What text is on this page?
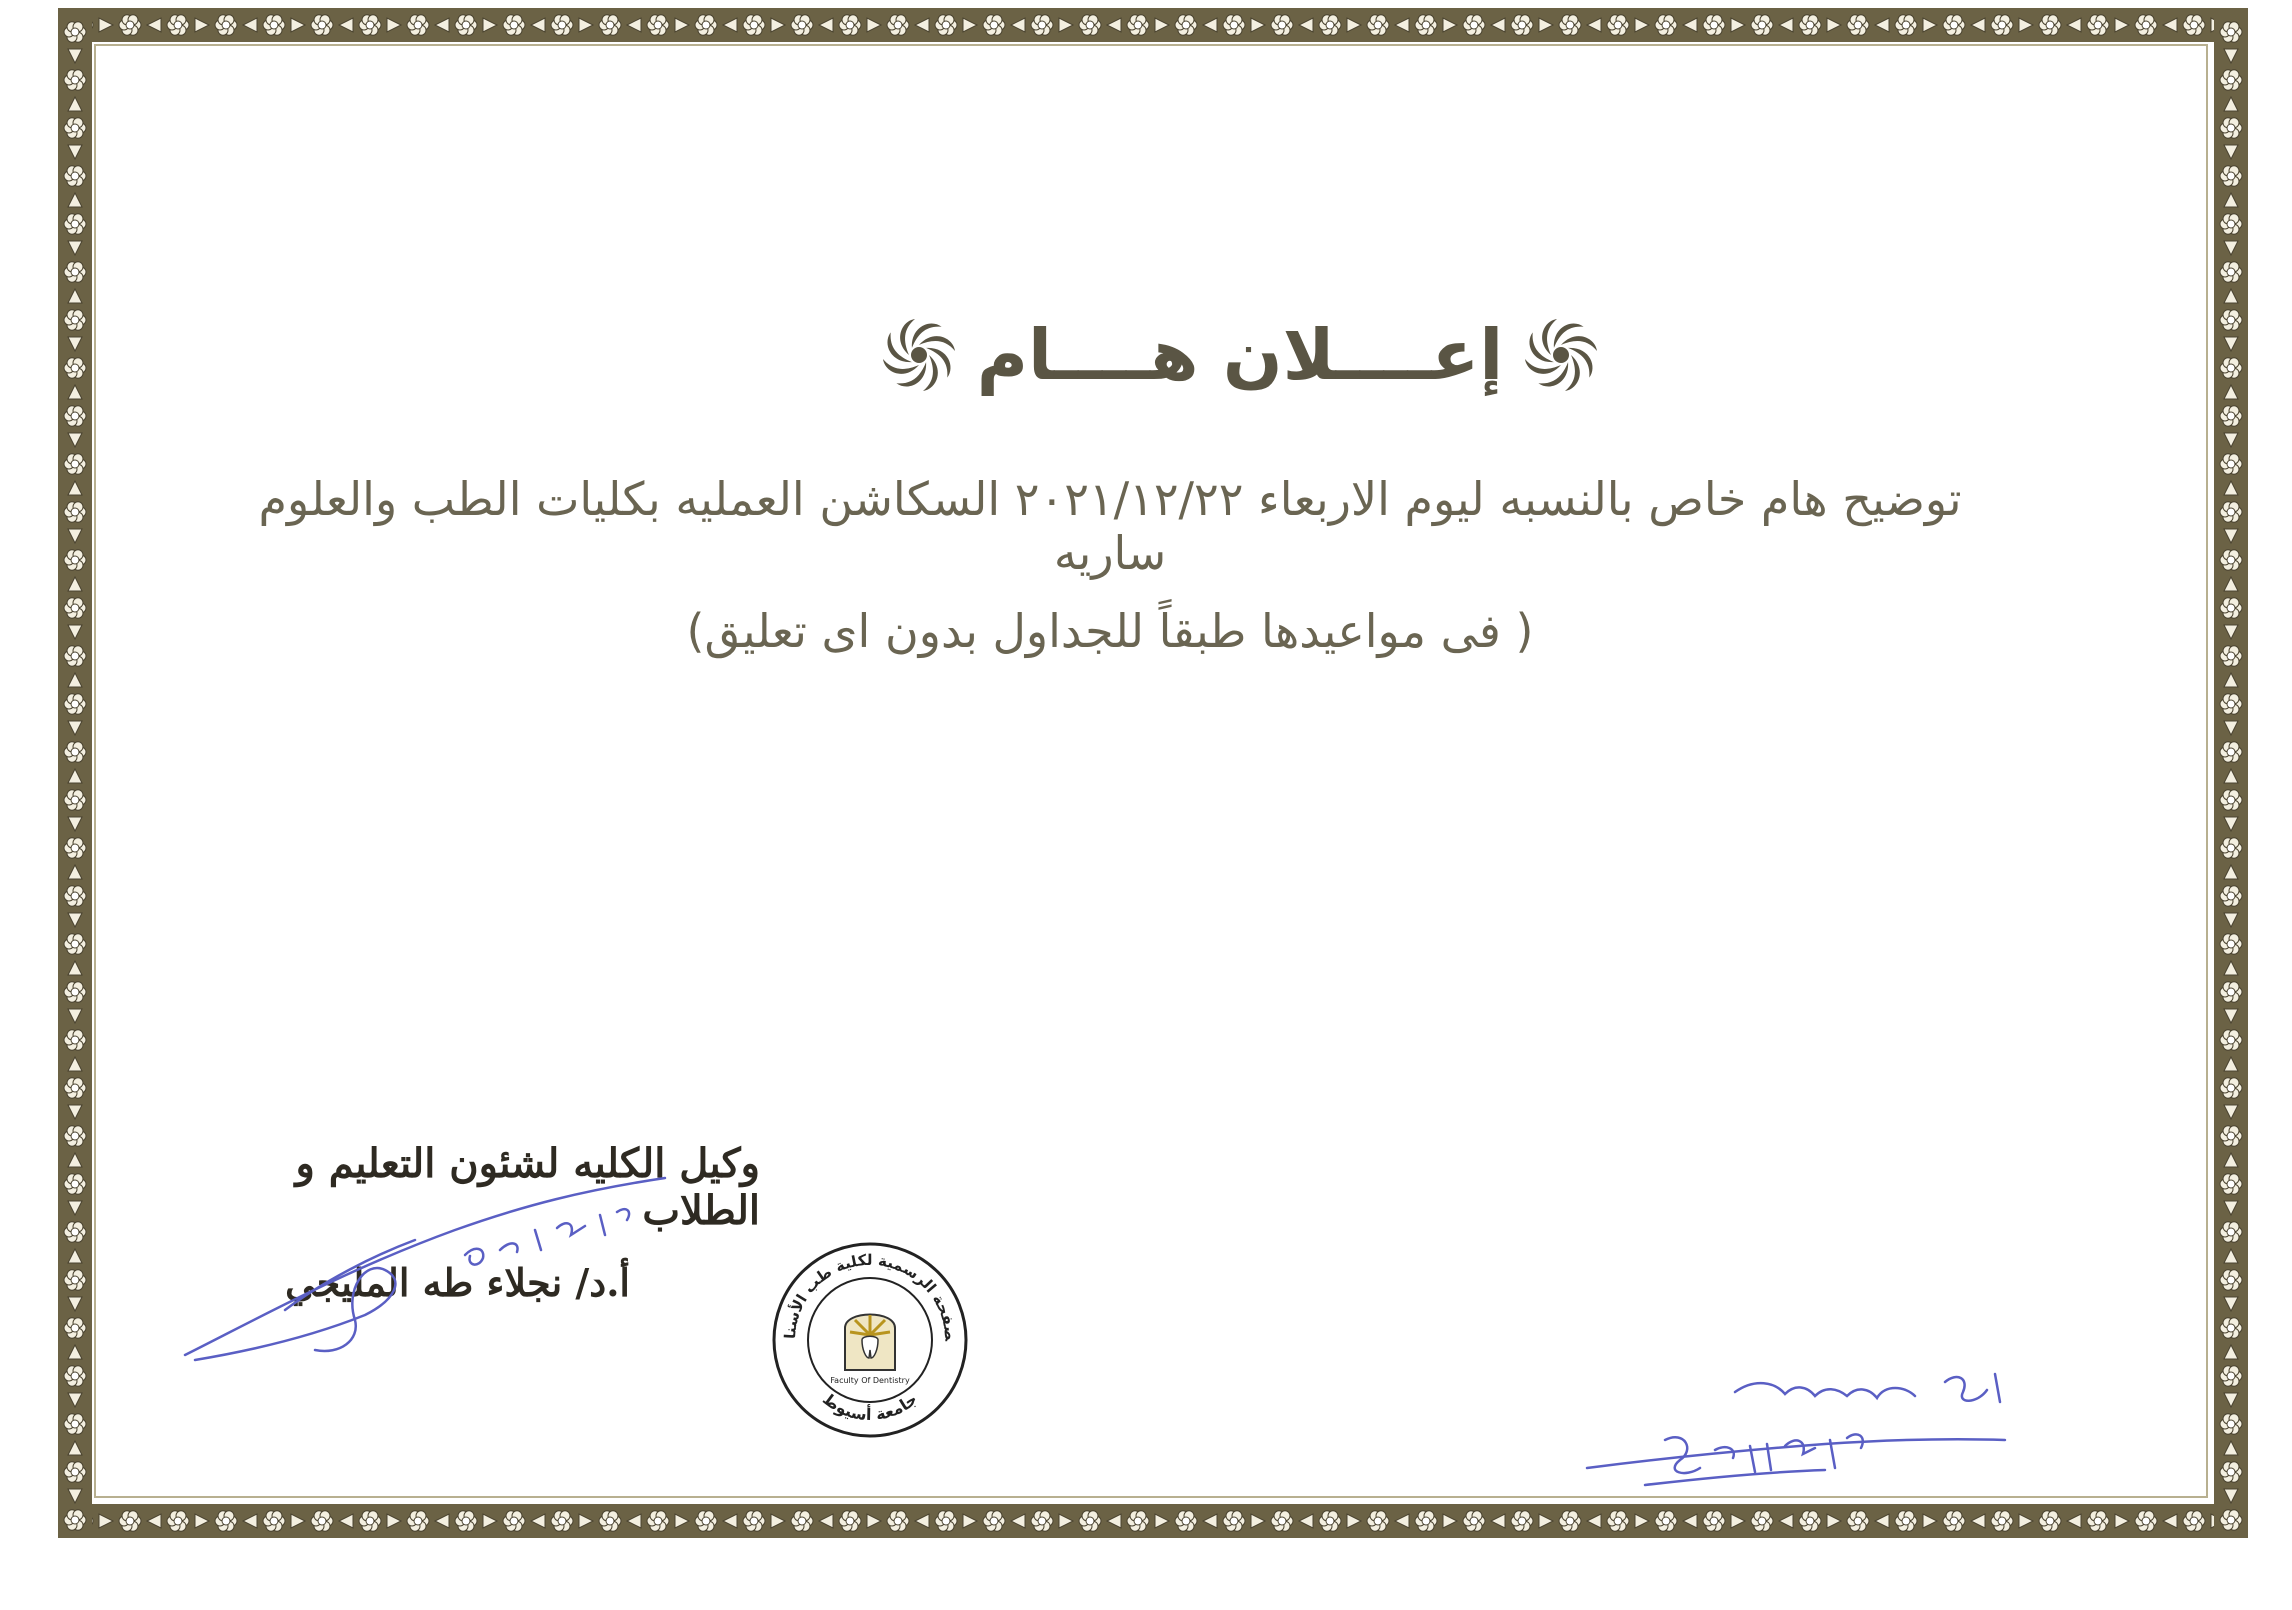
إعــــلان هــــام
توضيح هام خاص بالنسبه ليوم الاربعاء ٢٠٢١/١٢/٢٢ السكاشن العمليه بكليات الطب والعلوم ساريه
( فى مواعيدها طبقاً للجداول بدون اى تعليق)
وكيل الكليه لشئون التعليم و الطلاب
أ.د/ نجلاء طه المليجي
صفحة الرسمية لكلية طب الأسنان
جامعة أسيوط
Faculty Of Dentistry
